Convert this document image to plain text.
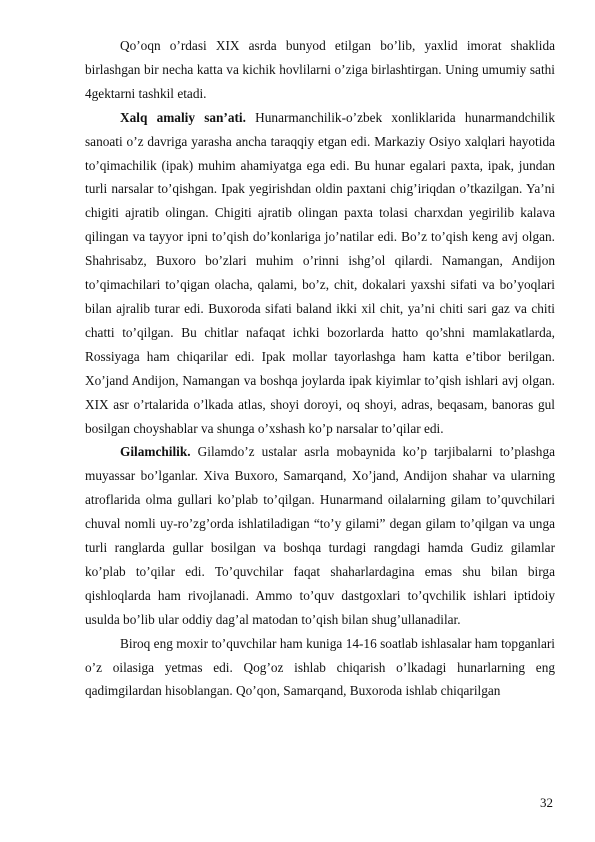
Qo’oqn o’rdasi XIX asrda bunyod etilgan bo’lib, yaxlid imorat shaklida birlashgan bir necha katta va kichik hovlilarni o’ziga birlashtirgan. Uning umumiy sathi 4gektarni tashkil etadi.

Xalq amaliy san’ati. Hunarmanchilik-o’zbek xonliklarida hunarmandchilik sanoati o’z davriga yarasha ancha taraqqiy etgan edi. Markaziy Osiyo xalqlari hayotida to’qimachilik (ipak) muhim ahamiyatga ega edi. Bu hunar egalari paxta, ipak, jundan turli narsalar to’qishgan. Ipak yegirishdan oldin paxtani chig’iriqdan o’tkazilgan. Ya’ni chigiti ajratib olingan. Chigiti ajratib olingan paxta tolasi charxdan yegirilib kalava qilingan va tayyor ipni to’qish do’konlariga jo’natilar edi. Bo’z to’qish keng avj olgan. Shahrisabz, Buxoro bo’zlari muhim o’rinni ishg’ol qilardi. Namangan, Andijon to’qimachilari to’qigan olacha, qalami, bo’z, chit, dokalari yaxshi sifati va bo’yoqlari bilan ajralib turar edi. Buxoroda sifati baland ikki xil chit, ya’ni chiti sari gaz va chiti chatti to’qilgan. Bu chitlar nafaqat ichki bozorlarda hatto qo’shni mamlakatlarda, Rossiyaga ham chiqarilar edi. Ipak mollar tayorlashga ham katta e’tibor berilgan. Xo’jand Andijon, Namangan va boshqa joylarda ipak kiyimlar to’qish ishlari avj olgan. XIX asr o’rtalarida o’lkada atlas, shoyi doroyi, oq shoyi, adras, beqasam, banoras gul bosilgan choyshablar va shunga o’xshash ko’p narsalar to’qilar edi.

Gilamchilik. Gilamdo’z ustalar asrla mobaynida ko’p tarjibalarni to’plashga muyassar bo’lganlar. Xiva Buxoro, Samarqand, Xo’jand, Andijon shahar va ularning atroflarida olma gullari ko’plab to’qilgan. Hunarmand oilalarning gilam to’quvchilari chuval nomli uy-ro’zg’orda ishlatiladigan “to’y gilami” degan gilam to’qilgan va unga turli ranglarda gullar bosilgan va boshqa turdagi rangdagi hamda Gudiz gilamlar ko’plab to’qilar edi. To’quvchilar faqat shaharlardagina emas shu bilan birga qishloqlarda ham rivojlanadi. Ammo to’quv dastgoxlari to’qvchilik ishlari iptidoiy usulda bo’lib ular oddiy dag’al matodan to’qish bilan shug’ullanadilar.

Biroq eng moxir to’quvchilar ham kuniga 14-16 soatlab ishlasalar ham topganlari o’z oilasiga yetmas edi. Qog’oz ishlab chiqarish o’lkadagi hunarlarning eng qadimgilardan hisoblangan. Qo’qon, Samarqand, Buxoroda ishlab chiqarilgan

32
